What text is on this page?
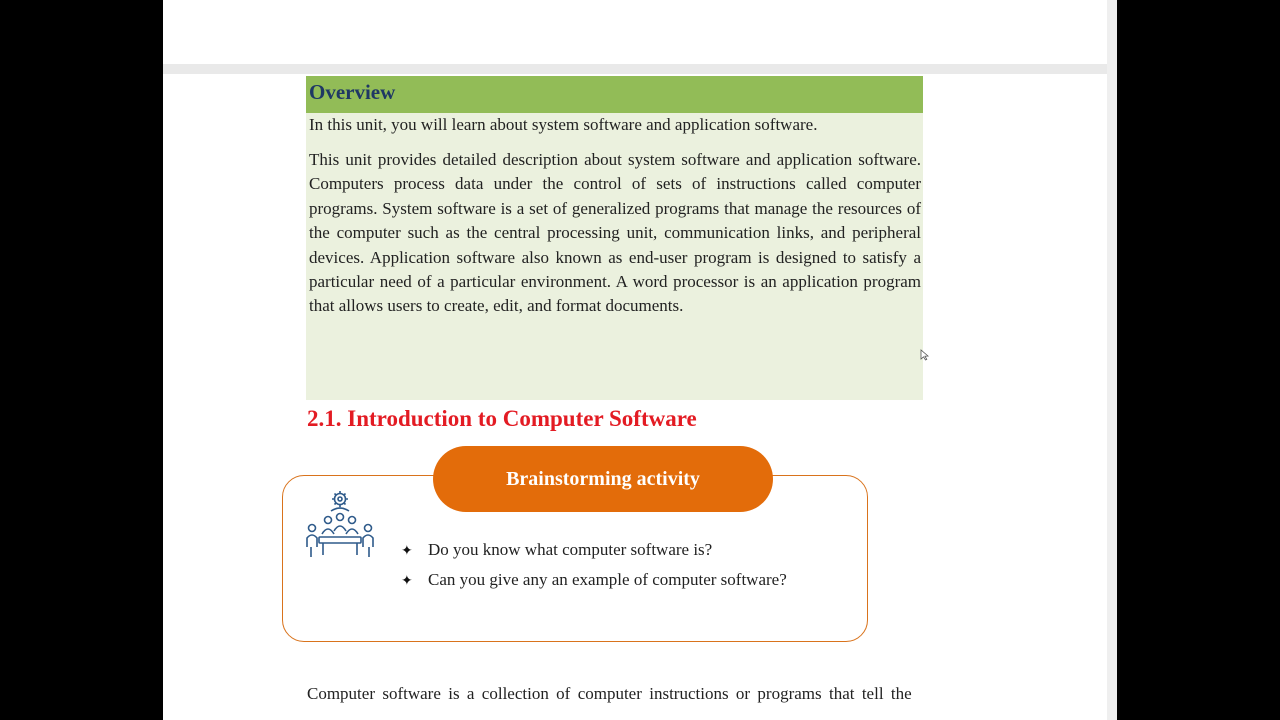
Overview

In this unit, you will learn about system software and application software.

This unit provides detailed description about system software and application software. Computers process data under the control of sets of instructions called computer programs. System software is a set of generalized programs that manage the resources of the computer such as the central processing unit, communication links, and peripheral devices. Application software also known as end-user program is designed to satisfy a particular need of a particular environment. A word processor is an application program that allows users to create, edit, and format documents.

2.1. Introduction to Computer Software
Brainstorming activity
✦ Do you know what computer software is?
✦ Can you give any an example of computer software?

Computer software is a collection of computer instructions or programs that tell the
